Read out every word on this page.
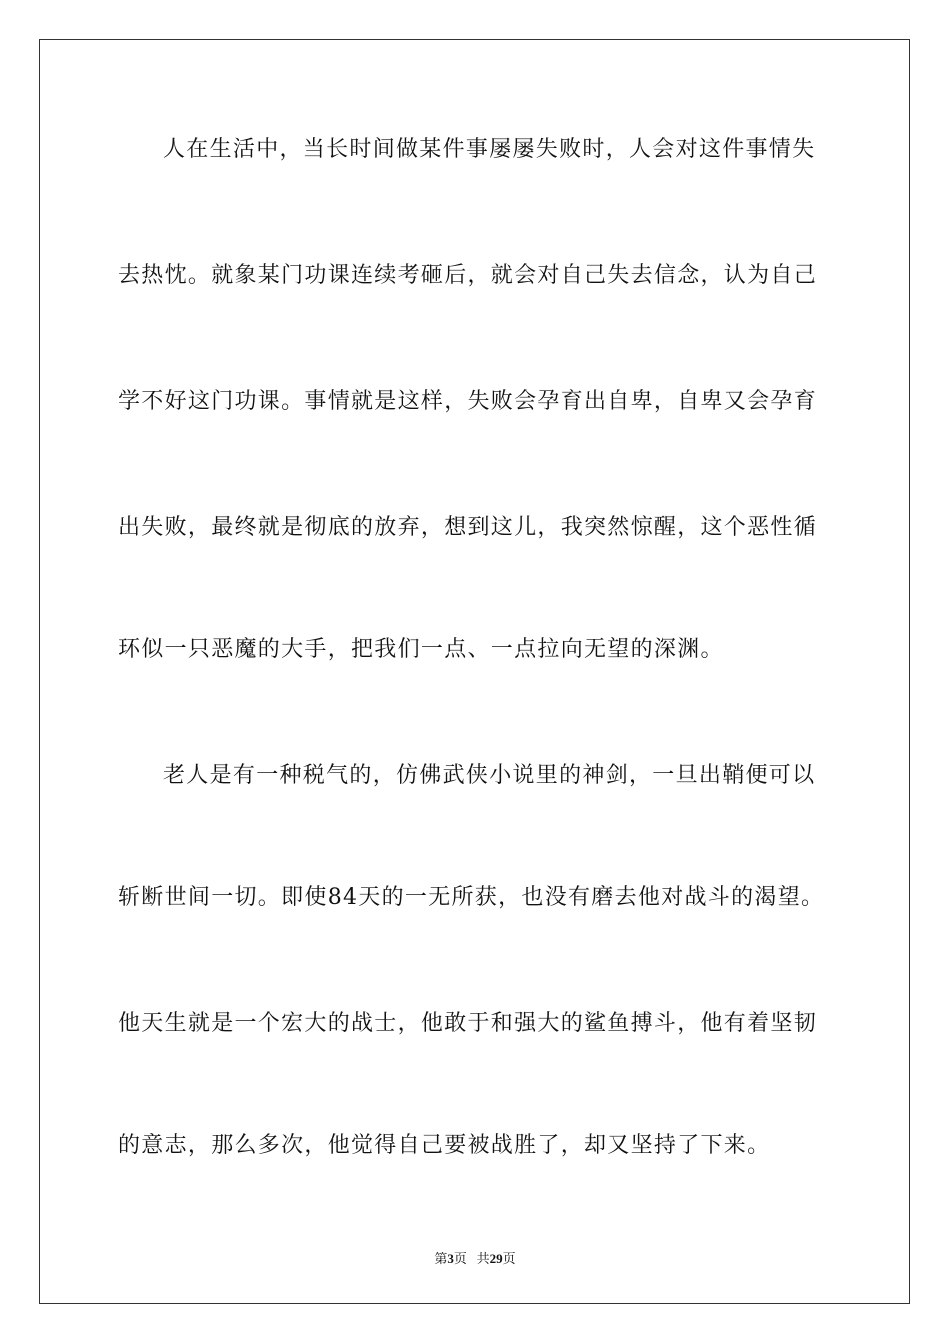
人在生活中，当长时间做某件事屡屡失败时，人会对这件事情失
去热忱。就象某门功课连续考砸后，就会对自己失去信念，认为自己
学不好这门功课。事情就是这样，失败会孕育出自卑，自卑又会孕育
出失败，最终就是彻底的放弃，想到这儿，我突然惊醒，这个恶性循
环似一只恶魔的大手，把我们一点、一点拉向无望的深渊。
老人是有一种税气的，仿佛武侠小说里的神剑，一旦出鞘便可以
斩断世间一切。即使84天的一无所获，也没有磨去他对战斗的渴望。
他天生就是一个宏大的战士，他敢于和强大的鲨鱼搏斗，他有着坚韧
的意志，那么多次，他觉得自己要被战胜了，却又坚持了下来。
第3页 共29页
